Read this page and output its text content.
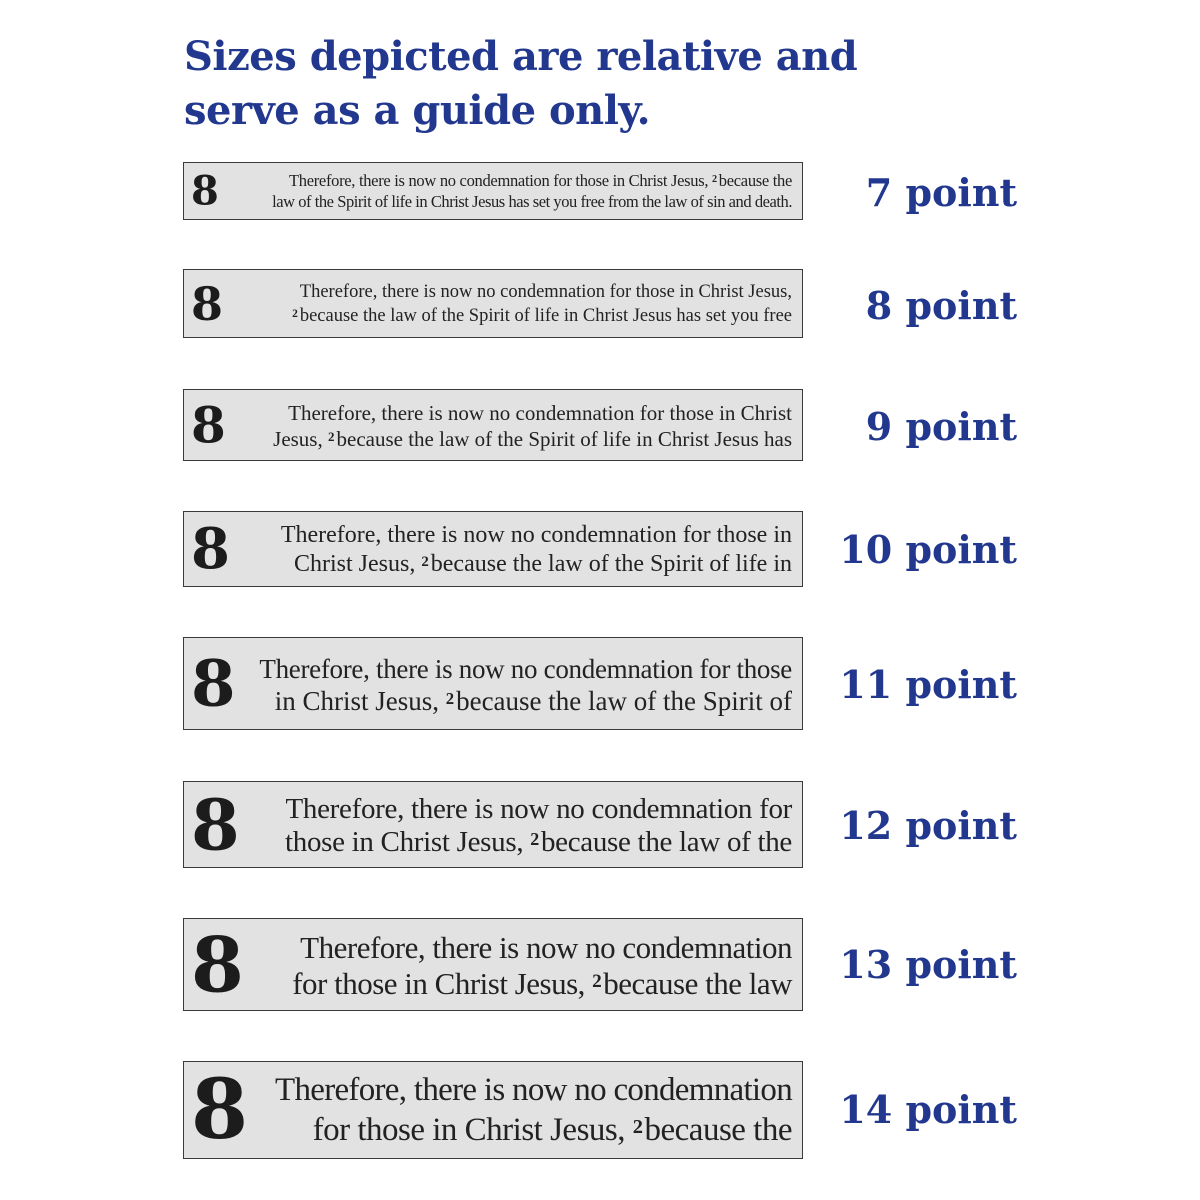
Sizes depicted are relative and
serve as a guide only.
8	Therefore, there is now no condemnation for those in Christ Jesus, $^2$ because the
law of the Spirit of life in Christ Jesus has set you free from the law of sin and death. 7 point
8	Therefore, there is now no condemnation for those in Christ Jesus,
$^2$ because the law of the Spirit of life in Christ Jesus has set you free 8 point
8	Therefore, there is now no condemnation for those in Christ
Jesus, $^2$because the law of the Spirit of life in Christ Jesus has 9 point
8 Therefore, there is now no condemnation for those in
Christ Jesus, $^2$because the law of the Spirit of life in 10 point
8 Therefore, there is now no condemnation for those
in Christ Jesus, $^2$because the law of the Spirit of 11 point
8 Therefore, there is now no condemnation for
those in Christ Jesus, $^2$because the law of the 12 point
8 Therefore, there is now no condemnation
for those in Christ Jesus, $^2$because the law 13 point
8 Therefore, there is now no condemnation
for those in Christ Jesus, $^2$because the 14 point
